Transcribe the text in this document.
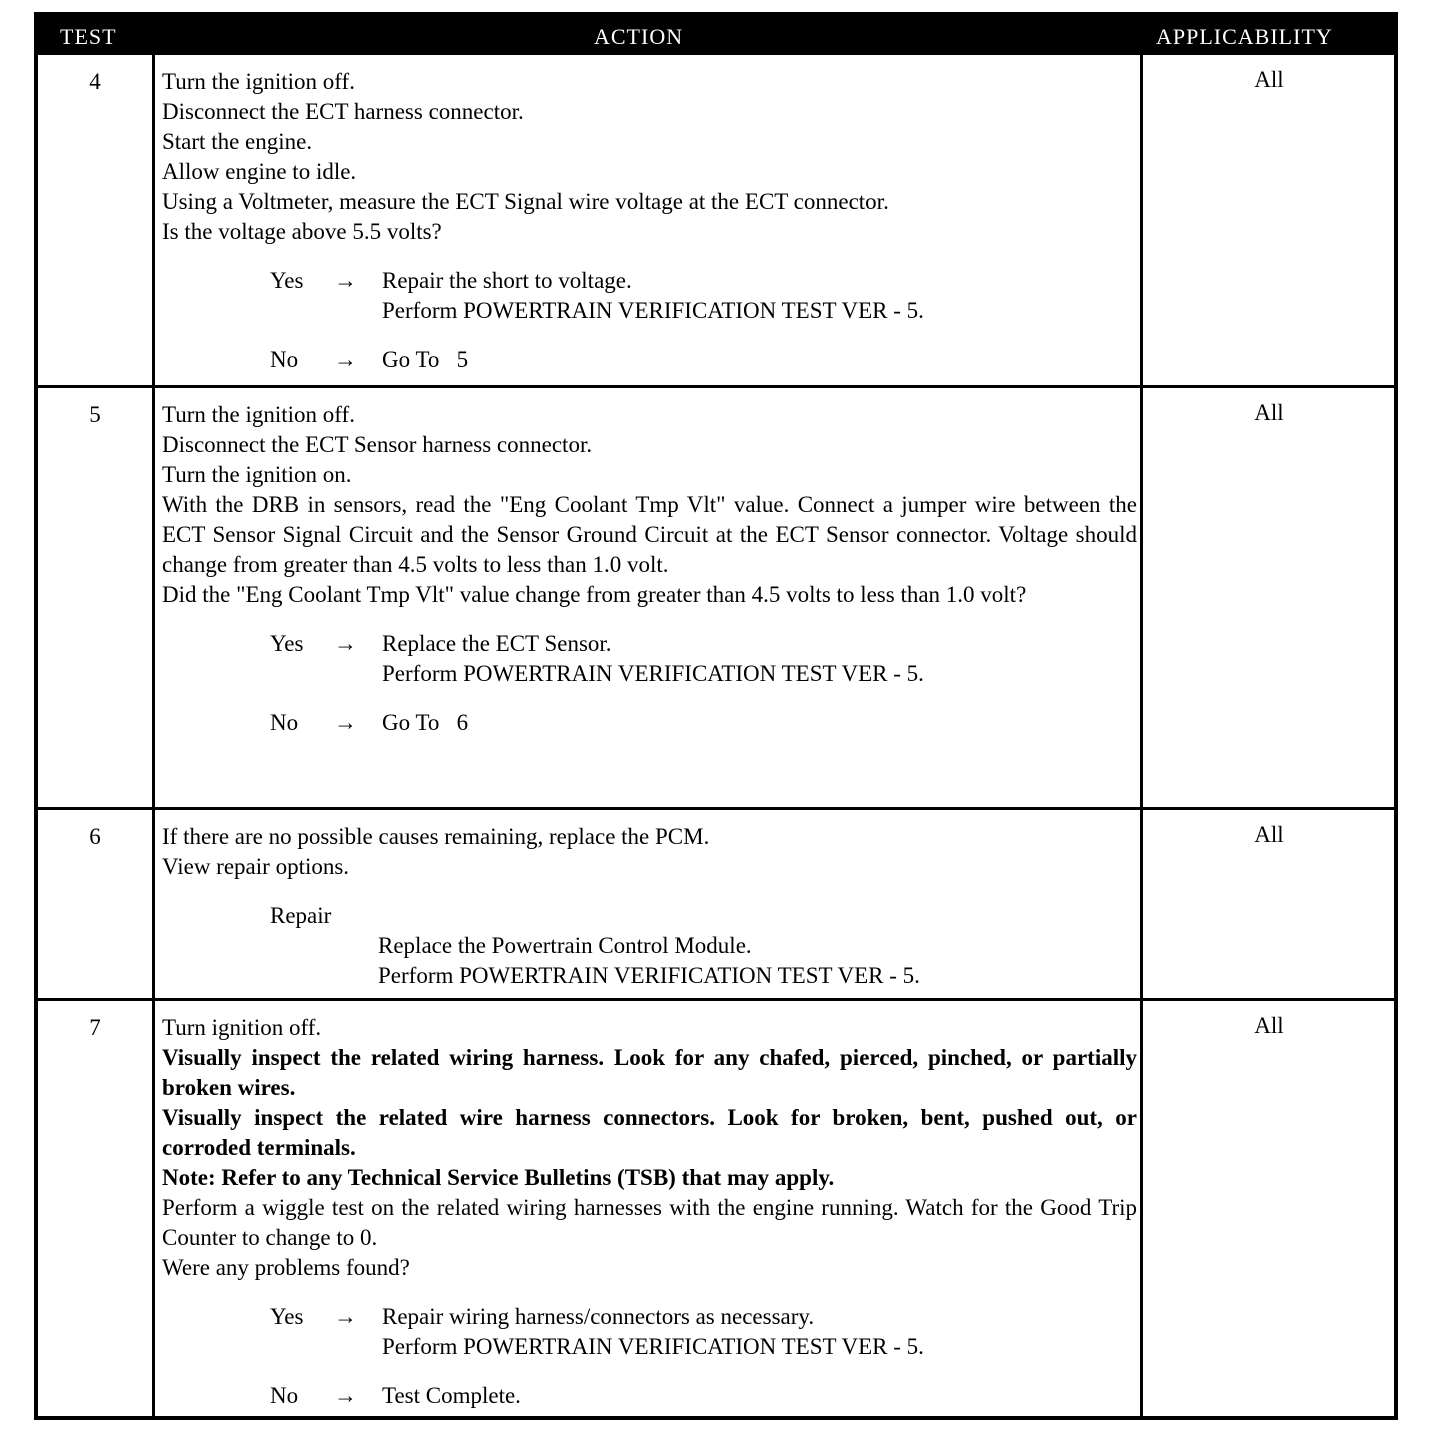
TEST	ACTION	APPLICABILITY
4	Turn the ignition off.

Disconnect the ECT harness connector.

Start the engine.

Allow engine to idle.

Using a Voltmeter, measure the ECT Signal wire voltage at the ECT connector.

Is the voltage above 5.5 volts?

Yes → Repair the short to voltage.
Perform POWERTRAIN VERIFICATION TEST VER - 5.
No → Go To 5
All
5	Turn the ignition off.

Disconnect the ECT Sensor harness connector.

Turn the ignition on.

With the DRB in sensors, read the "Eng Coolant Tmp Vlt" value. Connect a jumper wire between the ECT Sensor Signal Circuit and the Sensor Ground Circuit at the ECT Sensor connector. Voltage should change from greater than 4.5 volts to less than 1.0 volt.

Did the "Eng Coolant Tmp Vlt" value change from greater than 4.5 volts to less than 1.0 volt?

Yes → Replace the ECT Sensor.
Perform POWERTRAIN VERIFICATION TEST VER - 5.
No → Go To 6
All
6	If there are no possible causes remaining, replace the PCM.

View repair options.

Repair
Replace the Powertrain Control Module.
Perform POWERTRAIN VERIFICATION TEST VER - 5.
All
7	Turn ignition off.

Visually inspect the related wiring harness. Look for any chafed, pierced, pinched, or partially broken wires.

Visually inspect the related wire harness connectors. Look for broken, bent, pushed out, or corroded terminals.

Note: Refer to any Technical Service Bulletins (TSB) that may apply.

Perform a wiggle test on the related wiring harnesses with the engine running. Watch for the Good Trip Counter to change to 0.

Were any problems found?

Yes → Repair wiring harness/connectors as necessary.
Perform POWERTRAIN VERIFICATION TEST VER - 5.
No → Test Complete.
All
